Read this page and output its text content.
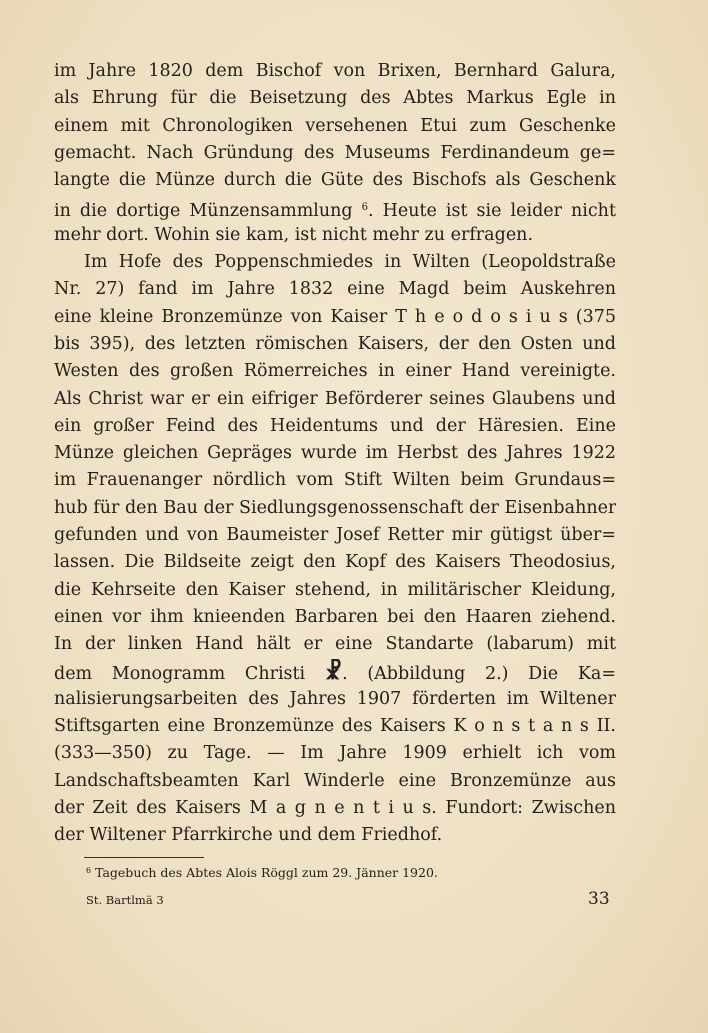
im Jahre 1820 dem Bischof von Brixen, Bernhard Galura,
als Ehrung für die Beisetzung des Abtes Markus Egle in
einem mit Chronologiken versehenen Etui zum Geschenke
gemacht. Nach Gründung des Museums Ferdinandeum ge=
langte die Münze durch die Güte des Bischofs als Geschenk
in die dortige Münzensammlung $^6$. Heute ist sie leider nicht
mehr dort. Wohin sie kam, ist nicht mehr zu erfragen.
Im Hofe des Poppenschmiedes in Wilten (Leopoldstraße
Nr. 27) fand im Jahre 1832 eine Magd beim Auskehren
eine kleine Bronzemünze von Kaiser T h e o d o s i u s (375
bis 395), des letzten römischen Kaisers, der den Osten und
Westen des großen Römerreiches in einer Hand vereinigte.
Als Christ war er ein eifriger Beförderer seines Glaubens und
ein großer Feind des Heidentums und der Häresien. Eine
Münze gleichen Gepräges wurde im Herbst des Jahres 1922
im Frauenanger nördlich vom Stift Wilten beim Grundaus=
hub für den Bau der Siedlungsgenossenschaft der Eisenbahner
gefunden und von Baumeister Josef Retter mir gütigst über=
lassen. Die Bildseite zeigt den Kopf des Kaisers Theodosius,
die Kehrseite den Kaiser stehend, in militärischer Kleidung,
einen vor ihm knieenden Barbaren bei den Haaren ziehend.
In der linken Hand hält er eine Standarte (labarum) mit
dem Monogramm Christi ☧. (Abbildung 2.) Die Ka=
nalisierungsarbeiten des Jahres 1907 förderten im Wiltener
Stiftsgarten eine Bronzemünze des Kaisers K o n s t a n s II.
(333—350) zu Tage. — Im Jahre 1909 erhielt ich vom
Landschaftsbeamten Karl Winderle eine Bronzemünze aus
der Zeit des Kaisers M a g n e n t i u s. Fundort: Zwischen
der Wiltener Pfarrkirche und dem Friedhof.
$^6$ Tagebuch des Abtes Alois Rögg⁠l zum 29. Jänner 1920.
St. Bartlmä 3	33
